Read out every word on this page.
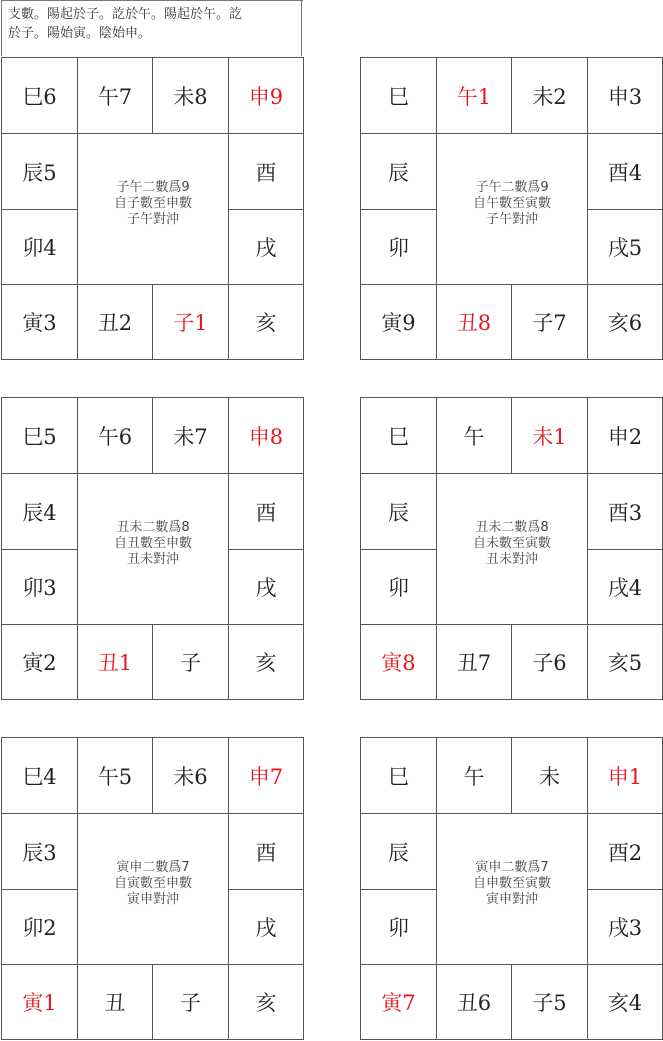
支數。陽起於子。訖於午。陽起於午。訖
於子。陽始寅。陰始申。
巳6	午7	未8	申9
辰5	酉
卯4	戌
寅3	丑2	子1	亥
子午二數爲9
自子數至申數
子午對沖
巳	午1	未2	申3
辰	酉4
卯	戌5
寅9	丑8	子7	亥6
子午二數爲9
自午數至寅數
子午對沖
巳5	午6	未7	申8
辰4	酉
卯3	戌
寅2	丑1	子	亥
丑未二數爲8
自丑數至申數
丑未對沖
巳	午	未1	申2
辰	酉3
卯	戌4
寅8	丑7	子6	亥5
丑未二數爲8
自未數至寅數
丑未對沖
巳4	午5	未6	申7
辰3	酉
卯2	戌
寅1	丑	子	亥
寅申二數爲7
自寅數至申數
寅申對沖
巳	午	未	申1
辰	酉2
卯	戌3
寅7	丑6	子5	亥4
寅申二數爲7
自申數至寅數
寅申對沖
